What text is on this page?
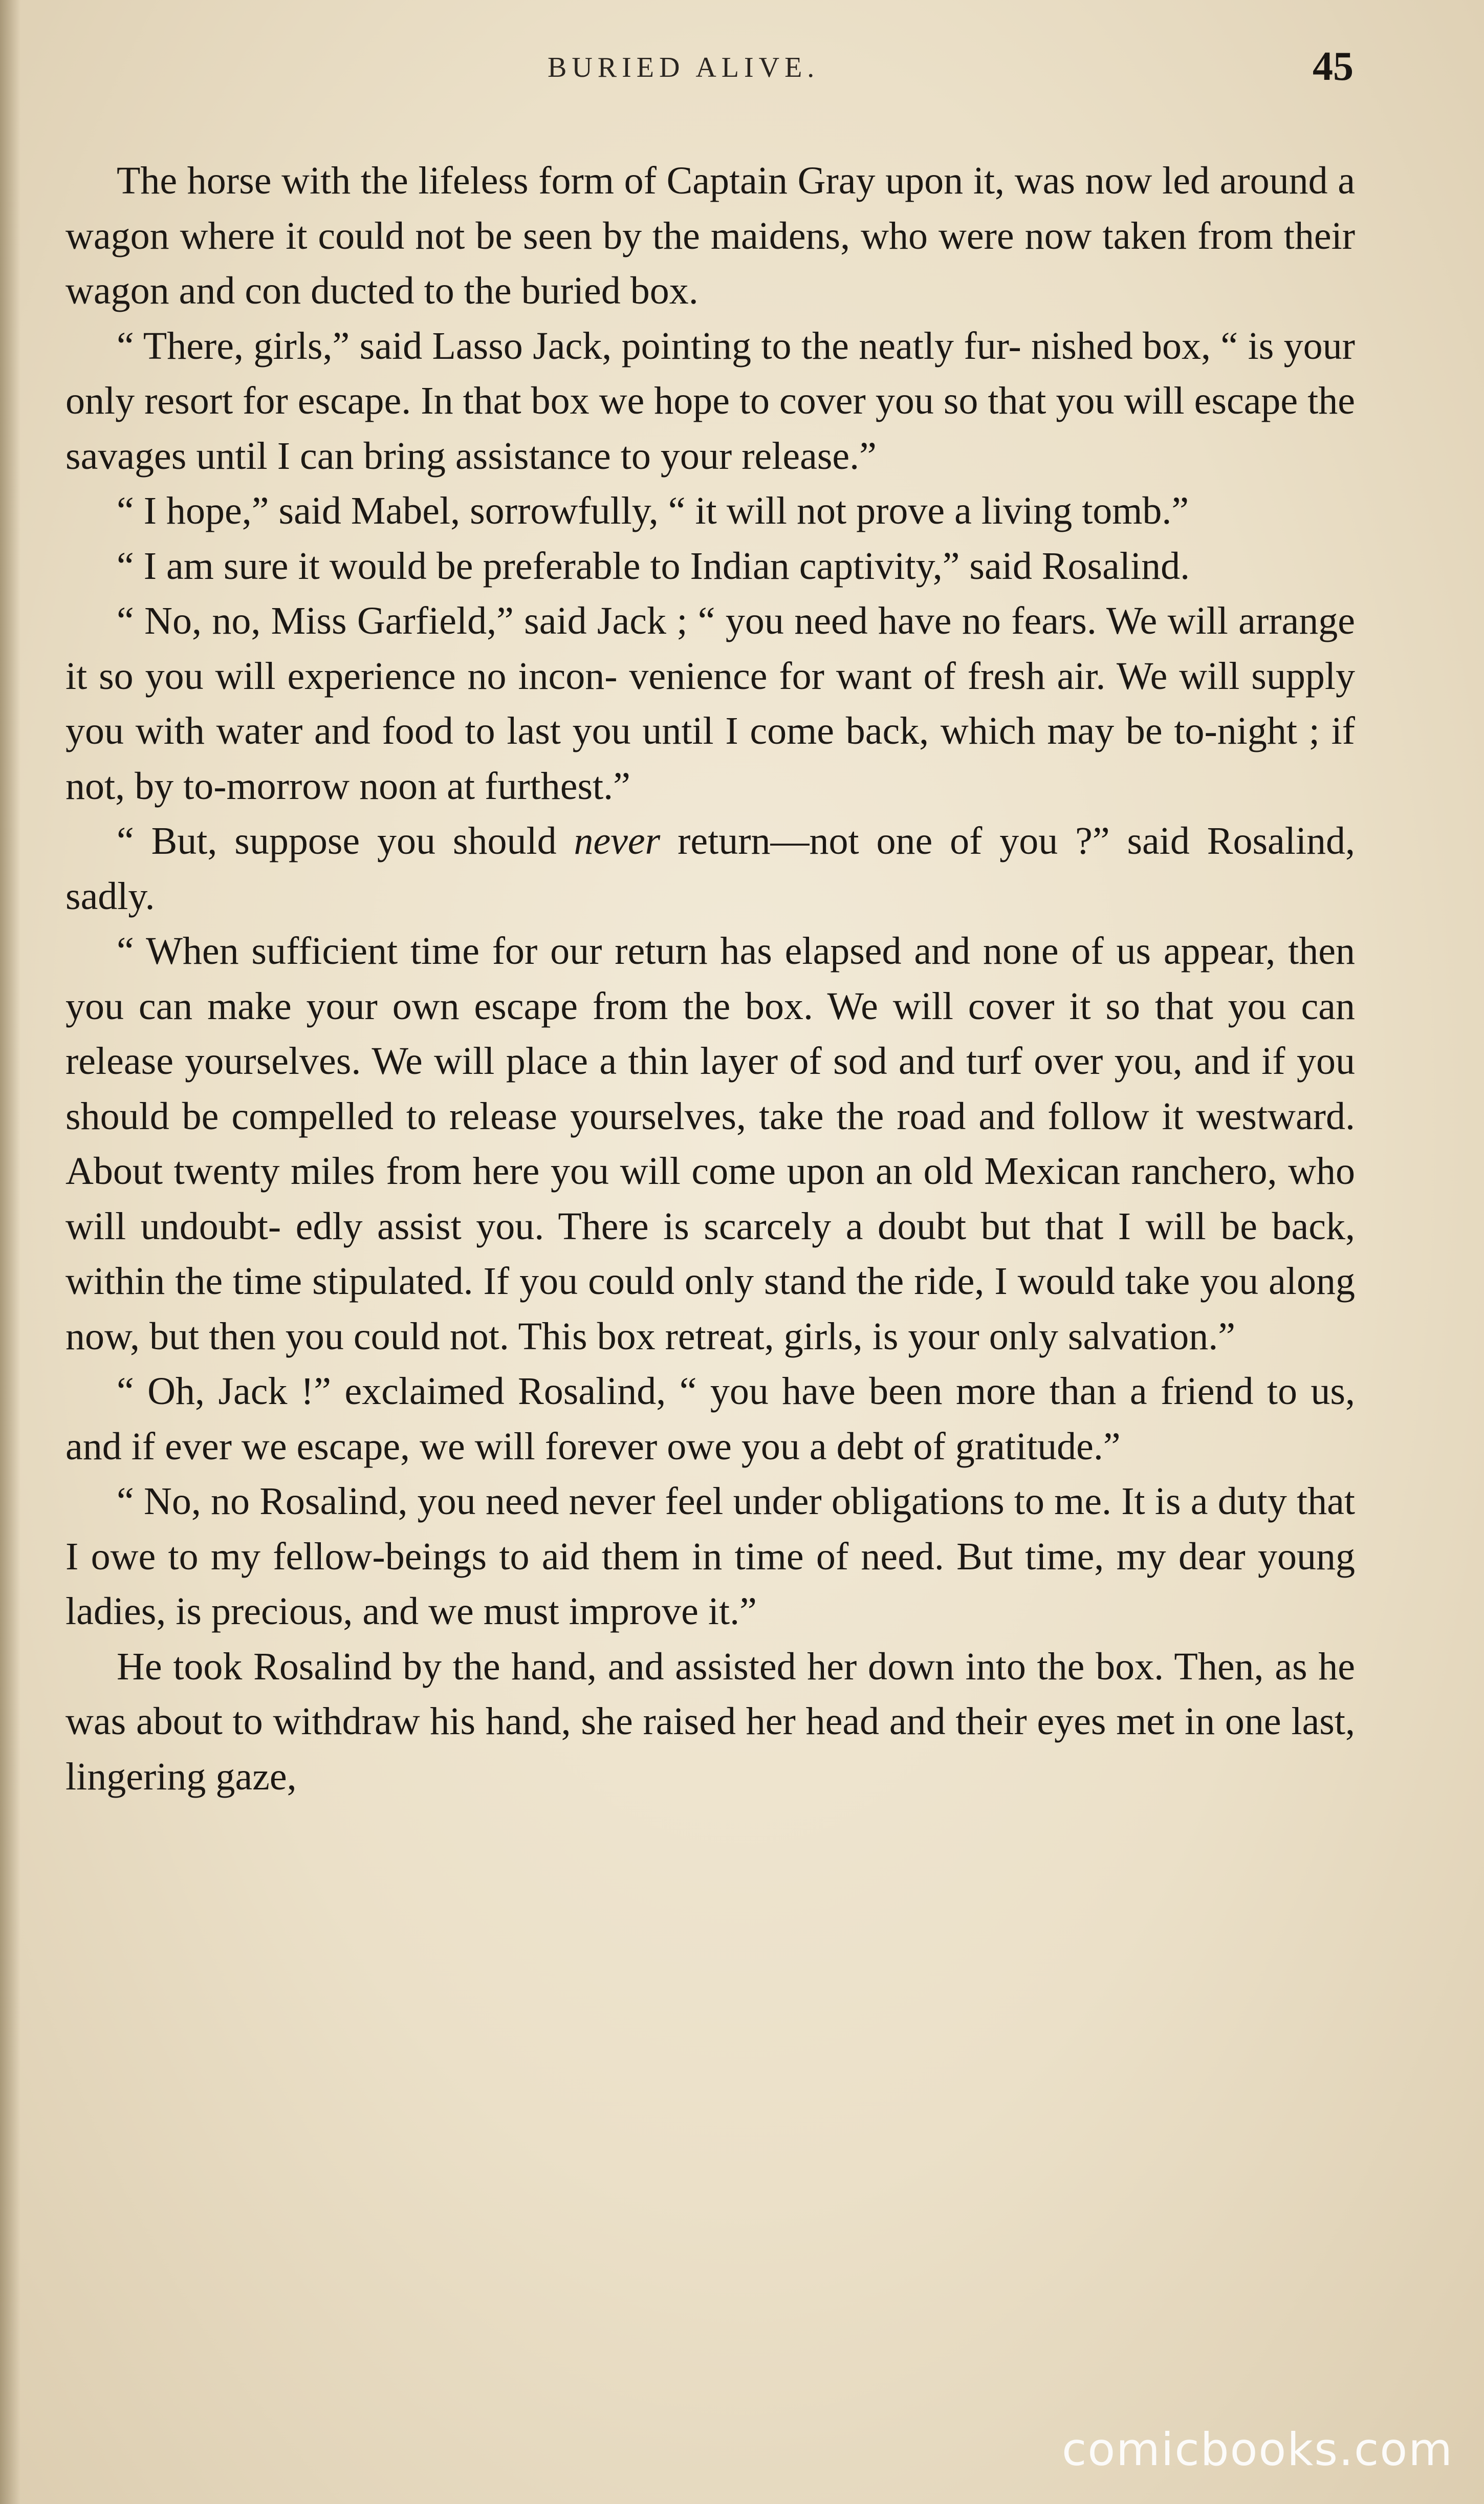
BURIED ALIVE.	45

The horse with the lifeless form of Captain Gray upon it, was now led around a wagon where it could not be seen by the maidens, who were now taken from their wagon and con ducted to the buried box.

“ There, girls,” said Lasso Jack, pointing to the neatly fur- nished box, “ is your only resort for escape. In that box we hope to cover you so that you will escape the savages until I can bring assistance to your release.”

“ I hope,” said Mabel, sorrowfully, “ it will not prove a living tomb.”

“ I am sure it would be preferable to Indian captivity,” said Rosalind.

“ No, no, Miss Garfield,” said Jack ; “ you need have no fears. We will arrange it so you will experience no incon- venience for want of fresh air. We will supply you with water and food to last you until I come back, which may be to-night ; if not, by to-morrow noon at furthest.”

“ But, suppose you should never return—not one of you ?” said Rosalind, sadly.

“ When sufficient time for our return has elapsed and none of us appear, then you can make your own escape from the box. We will cover it so that you can release yourselves. We will place a thin layer of sod and turf over you, and if you should be compelled to release yourselves, take the road and follow it westward. About twenty miles from here you will come upon an old Mexican ranchero, who will undoubt- edly assist you. There is scarcely a doubt but that I will be back, within the time stipulated. If you could only stand the ride, I would take you along now, but then you could not. This box retreat, girls, is your only salvation.”

“ Oh, Jack !” exclaimed Rosalind, “ you have been more than a friend to us, and if ever we escape, we will forever owe you a debt of gratitude.”

“ No, no Rosalind, you need never feel under obligations to me. It is a duty that I owe to my fellow-beings to aid them in time of need. But time, my dear young ladies, is precious, and we must improve it.”

He took Rosalind by the hand, and assisted her down into the box. Then, as he was about to withdraw his hand, she raised her head and their eyes met in one last, lingering gaze,

comicbooks.com
